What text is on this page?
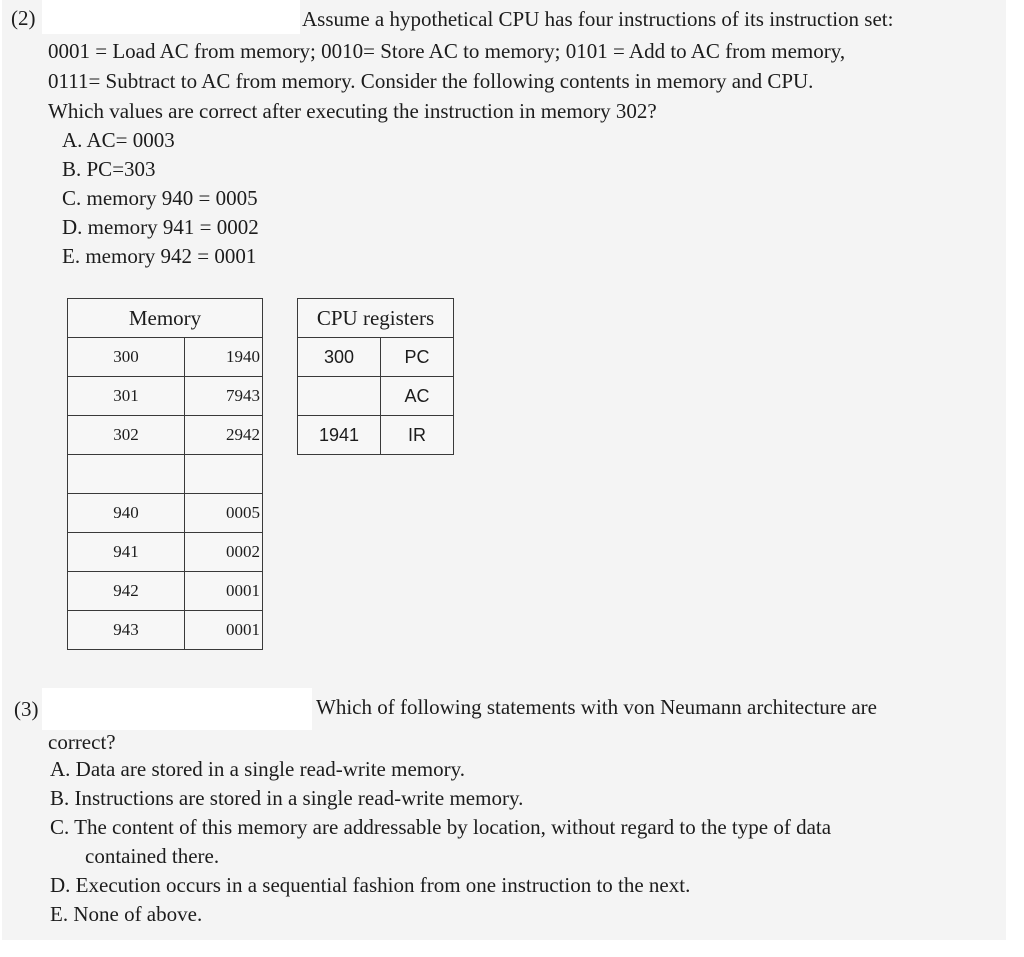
(2)	Assume a hypothetical CPU has four instructions of its instruction set:
0001 = Load AC from memory; 0010= Store AC to memory; 0101 = Add to AC from memory,
0111= Subtract to AC from memory. Consider the following contents in memory and CPU.
Which values are correct after executing the instruction in memory 302?
A. AC= 0003
B. PC=303
C. memory 940 = 0005
D. memory 941 = 0002
E. memory 942 = 0001
Memory	
300	1940
301	7943
302	2942

940	0005
941	0002
942	0001
943	0001
CPU registers	
300	PC
	AC
1941	IR
(3)	Which of following statements with von Neumann architecture are
correct?
A. Data are stored in a single read-write memory.
B. Instructions are stored in a single read-write memory.
C. The content of this memory are addressable by location, without regard to the type of data
contained there.
D. Execution occurs in a sequential fashion from one instruction to the next.
E. None of above.
